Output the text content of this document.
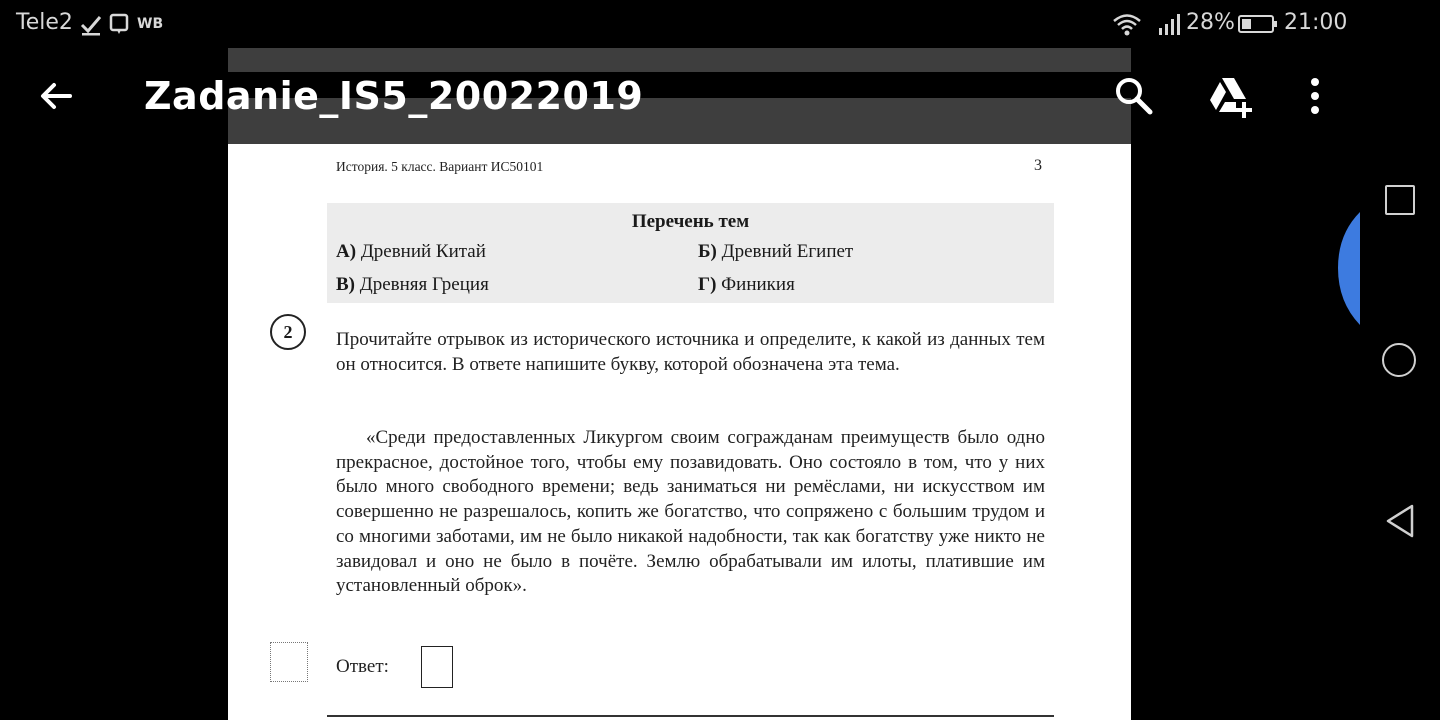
Tele2	WB	28% 21:00
Zadanie_IS5_20022019
История. 5 класс. Вариант ИС50101	3
Перечень тем
А) Древний Китай	Б) Древний Египет
В) Древняя Греция	Г) Финикия
2	Прочитайте отрывок из исторического источника и определите, к какой из данных тем он относится. В ответе напишите букву, которой обозначена эта тема.
«Среди предоставленных Ликургом своим согражданам преимуществ было одно прекрасное, достойное того, чтобы ему позавидовать. Оно состояло в том, что у них было много свободного времени; ведь заниматься ни ремёслами, ни искусством им совершенно не разрешалось, копить же богатство, что сопряжено с большим трудом и со многими заботами, им не было никакой надобности, так как богатству уже никто не завидовал и оно не было в почёте. Землю обрабатывали им илоты, платившие им установленный оброк».
Ответ:
